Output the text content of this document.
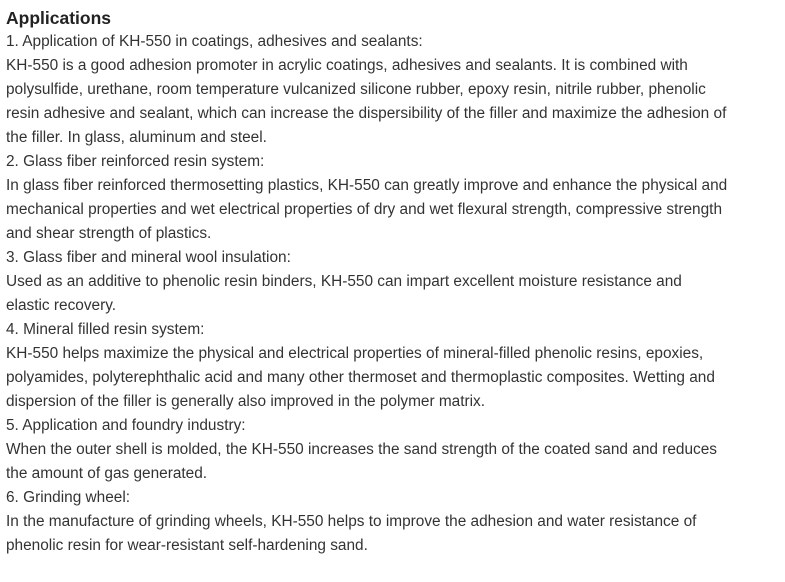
Applications
1. Application of KH-550 in coatings, adhesives and sealants:
KH-550 is a good adhesion promoter in acrylic coatings, adhesives and sealants. It is combined with
polysulfide, urethane, room temperature vulcanized silicone rubber, epoxy resin, nitrile rubber, phenolic
resin adhesive and sealant, which can increase the dispersibility of the filler and maximize the adhesion of
the filler. In glass, aluminum and steel.
2. Glass fiber reinforced resin system:
In glass fiber reinforced thermosetting plastics, KH-550 can greatly improve and enhance the physical and
mechanical properties and wet electrical properties of dry and wet flexural strength, compressive strength
and shear strength of plastics.
3. Glass fiber and mineral wool insulation:
Used as an additive to phenolic resin binders, KH-550 can impart excellent moisture resistance and
elastic recovery.
4. Mineral filled resin system:
KH-550 helps maximize the physical and electrical properties of mineral-filled phenolic resins, epoxies,
polyamides, polyterephthalic acid and many other thermoset and thermoplastic composites. Wetting and
dispersion of the filler is generally also improved in the polymer matrix.
5. Application and foundry industry:
When the outer shell is molded, the KH-550 increases the sand strength of the coated sand and reduces
the amount of gas generated.
6. Grinding wheel:
In the manufacture of grinding wheels, KH-550 helps to improve the adhesion and water resistance of
phenolic resin for wear-resistant self-hardening sand.
